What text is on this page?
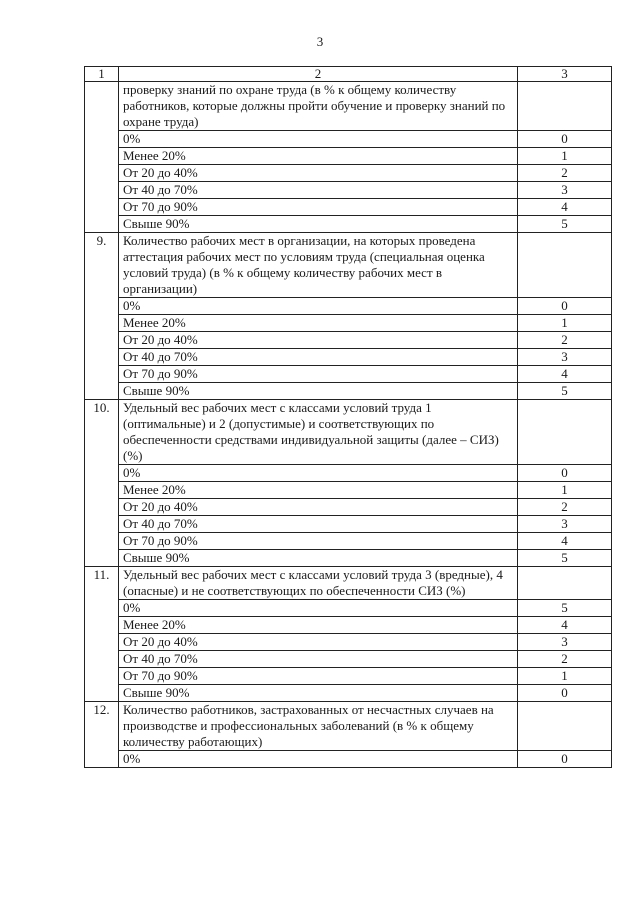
3
1	2	3
	проверку знаний по охране труда (в % к общему количеству работников, которые должны пройти обучение и проверку знаний по охране труда)	
	0%	0
	Менее 20%	1
	От 20 до 40%	2
	От 40 до 70%	3
	От 70 до 90%	4
	Свыше 90%	5
9.	Количество рабочих мест в организации, на которых проведена аттестация рабочих мест по условиям труда (специальная оценка условий труда) (в % к общему количеству рабочих мест в организации)	
	0%	0
	Менее 20%	1
	От 20 до 40%	2
	От 40 до 70%	3
	От 70 до 90%	4
	Свыше 90%	5
10.	Удельный вес рабочих мест с классами условий труда 1 (оптимальные) и 2 (допустимые) и соответствующих по обеспеченности средствами индивидуальной защиты (далее – СИЗ) (%)	
	0%	0
	Менее 20%	1
	От 20 до 40%	2
	От 40 до 70%	3
	От 70 до 90%	4
	Свыше 90%	5
11.	Удельный вес рабочих мест с классами условий труда 3 (вредные), 4 (опасные) и не соответствующих по обеспеченности СИЗ (%)	
	0%	5
	Менее 20%	4
	От 20 до 40%	3
	От 40 до 70%	2
	От 70 до 90%	1
	Свыше 90%	0
12.	Количество работников, застрахованных от несчастных случаев на производстве и профессиональных заболеваний (в % к общему количеству работающих)	
	0%	0
